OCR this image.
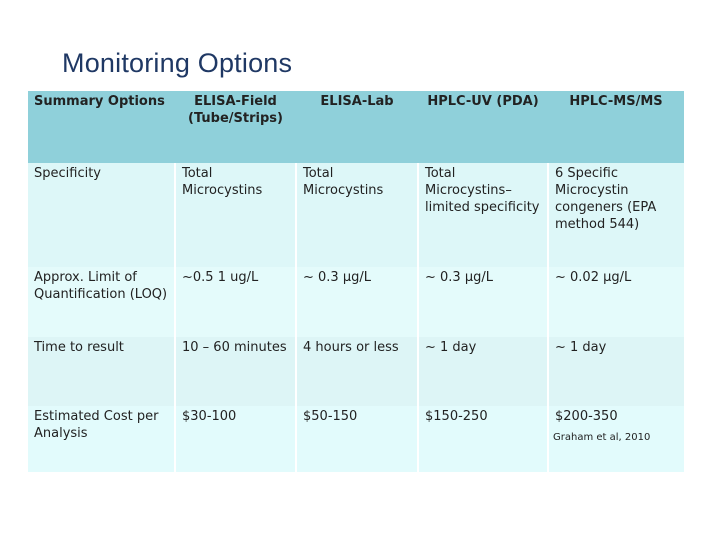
Monitoring Options
Summary Options	ELISA-Field (Tube/Strips)	ELISA-Lab	HPLC-UV (PDA)	HPLC-MS/MS

Specificity	Total Microcystins	Total Microcystins	Total Microcystins–limited specificity	6 Specific Microcystin congeners (EPA method 544)
Approx. Limit of Quantification (LOQ)	~0.5 1 ug/L	~ 0.3 µg/L	~ 0.3 µg/L	~ 0.02 µg/L
Time to result	10 – 60 minutes	4 hours or less	~ 1 day	~ 1 day
Estimated Cost per Analysis	$30-100	$50-150	$150-250	$200-350
Graham et al, 2010
